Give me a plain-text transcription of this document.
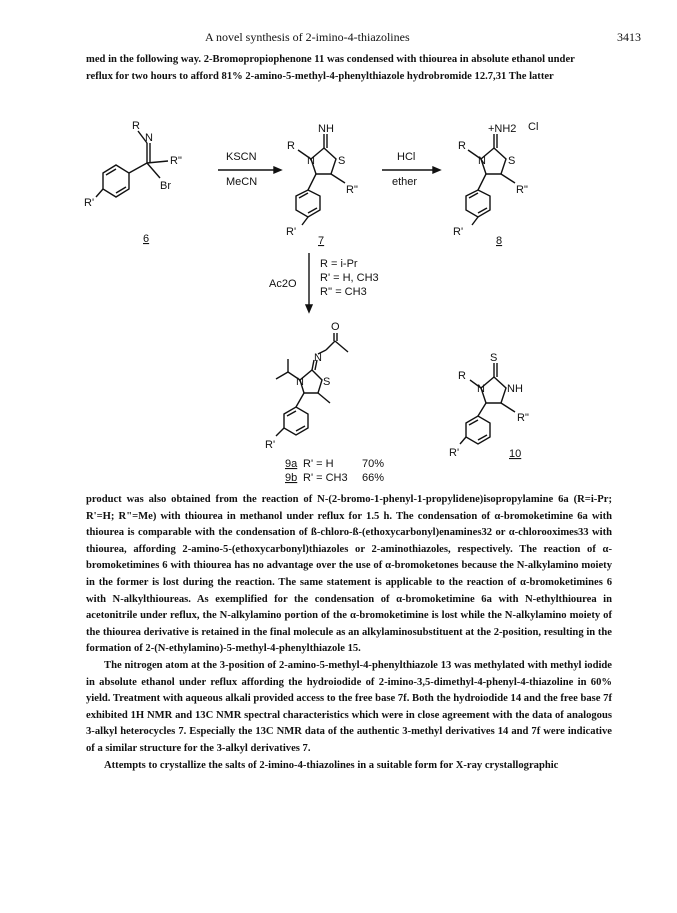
A novel synthesis of 2-imino-4-thiazolines	3413

med in the following way. 2-Bromopropiophenone 11 was condensed with thiourea in absolute ethanol under

reflux for two hours to afford 81% 2-amino-5-methyl-4-phenylthiazole hydrobromide 12.7,31 The latter

R
N
R"
Br
R'
6
KSCN
MeCN
HCl
ether
NH
R
N S
R"
R'
7
+NH2 Cl
R
N S
R"
R'
8
Ac2O
R = i-Pr
R' = H, CH3
R'' = CH3
O
N
N S
R'
S
R
N NH
R"
R'	10
9a R' = H	70%
9b R' = CH3 66%

product was also obtained from the reaction of N-(2-bromo-1-phenyl-1-propylidene)isopropylamine 6a (R=i-Pr; R'=H; R"=Me) with thiourea in methanol under reflux for 1.5 h. The condensation of α-bromoketimine 6a with thiourea is comparable with the condensation of ß-chloro-ß-(ethoxycarbonyl)enamines32 or α-chlorooximes33 with thiourea, affording 2-amino-5-(ethoxycarbonyl)thiazoles or 2-aminothiazoles, respectively. The reaction of α-bromoketimines 6 with thiourea has no advantage over the use of α-bromoketones because the N-alkylamino moiety in the former is lost during the reaction. The same statement is applicable to the reaction of α-bromoketimines 6 with N-alkylthioureas. As exemplified for the condensation of α-bromoketimine 6a with N-ethylthiourea in acetonitrile under reflux, the N-alkylamino portion of the α-bromoketimine is lost while the N-alkylamino moiety of the thiourea derivative is retained in the final molecule as an alkylaminosubstituent at the 2-position, resulting in the formation of 2-(N-ethylamino)-5-methyl-4-phenylthiazole 15.

The nitrogen atom at the 3-position of 2-amino-5-methyl-4-phenylthiazole 13 was methylated with methyl iodide in absolute ethanol under reflux affording the hydroiodide of 2-imino-3,5-dimethyl-4-phenyl-4-thiazoline in 60% yield. Treatment with aqueous alkali provided access to the free base 7f. Both the hydroiodide 14 and the free base 7f exhibited 1H NMR and 13C NMR spectral characteristics which were in close agreement with the data of analogous 3-alkyl heterocycles 7. Especially the 13C NMR data of the authentic 3-methyl derivatives 14 and 7f were indicative of a similar structure for the 3-alkyl derivatives 7.

Attempts to crystallize the salts of 2-imino-4-thiazolines in a suitable form for X-ray crystallographic
